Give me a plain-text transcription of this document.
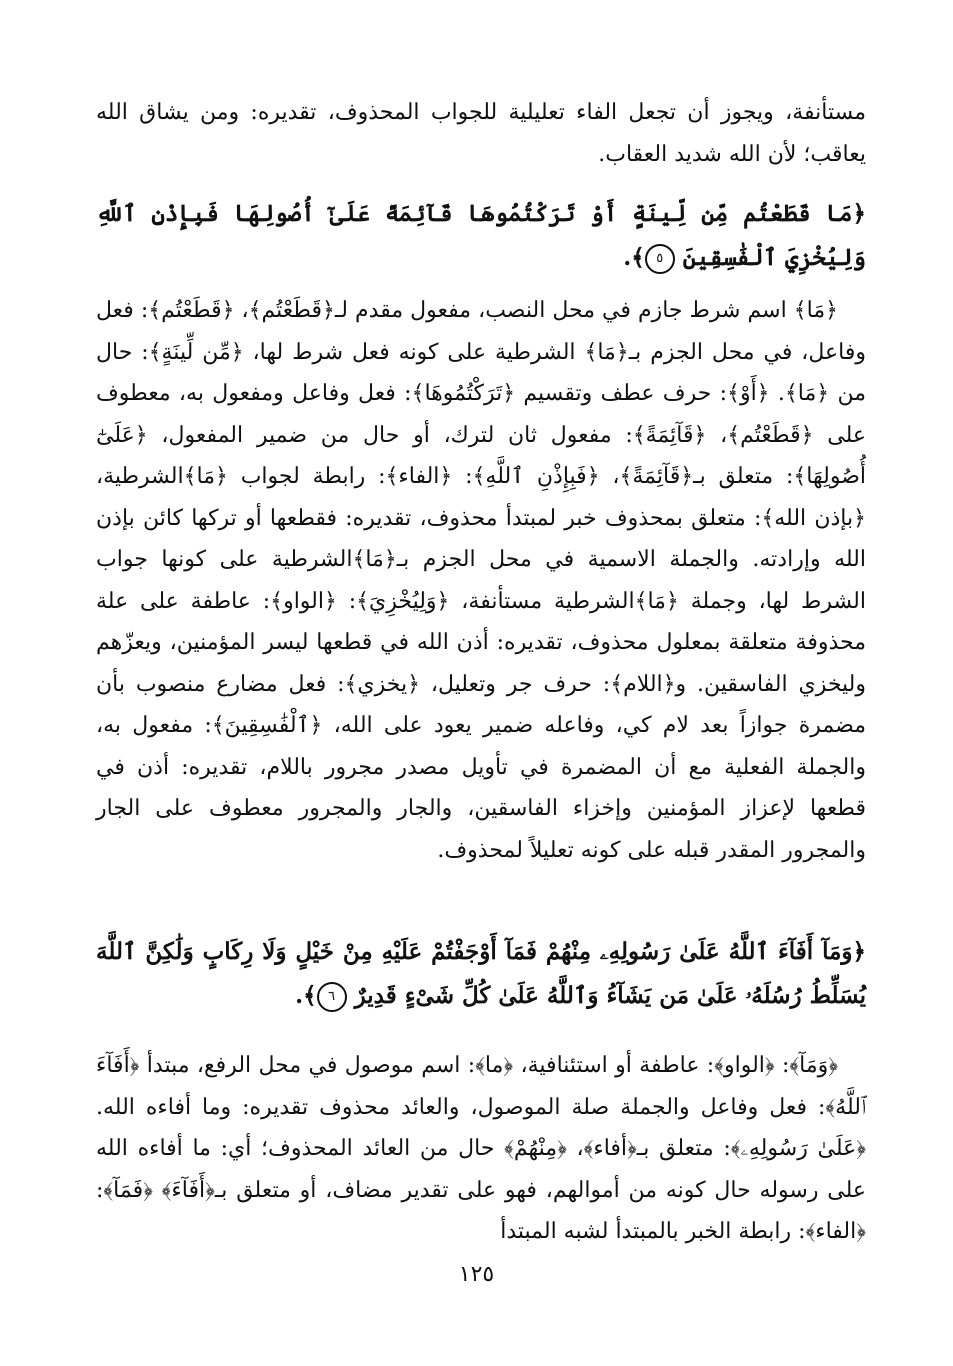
مستأنفة، ويجوز أن تجعل الفاء تعليلية للجواب المحذوف، تقديره: ومن يشاق الله يعاقب؛ لأن الله شديد العقاب.

﴿مَا قَطَعْتُم مِّن لِّينَةٍ أَوْ تَرَكْتُمُوهَا قَآئِمَةً عَلَىٰٓ أُصُولِهَا فَبِإِذْنِ ٱللَّهِ وَلِيُخْزِيَ ٱلْفَٰسِقِينَ ٥﴾.

﴿مَا﴾ اسم شرط جازم في محل النصب، مفعول مقدم لـ﴿قَطَعْتُم﴾، ﴿قَطَعْتُم﴾: فعل وفاعل، في محل الجزم بـ﴿مَا﴾ الشرطية على كونه فعل شرط لها، ﴿مِّن لِّينَةٍ﴾: حال من ﴿مَا﴾. ﴿أَوْ﴾: حرف عطف وتقسيم ﴿تَرَكْتُمُوهَا﴾: فعل وفاعل ومفعول به، معطوف على ﴿قَطَعْتُم﴾، ﴿قَآئِمَةً﴾: مفعول ثان لترك، أو حال من ضمير المفعول، ﴿عَلَىٰٓ أُصُولِهَا﴾: متعلق بـ﴿قَآئِمَةً﴾، ﴿فَبِإِذْنِ ٱللَّهِ﴾: ﴿الفاء﴾: رابطة لجواب ﴿مَا﴾الشرطية، ﴿بإذن الله﴾: متعلق بمحذوف خبر لمبتدأ محذوف، تقديره: فقطعها أو تركها كائن بإذن الله وإرادته. والجملة الاسمية في محل الجزم بـ﴿مَا﴾الشرطية على كونها جواب الشرط لها، وجملة ﴿مَا﴾الشرطية مستأنفة، ﴿وَلِيُخْزِيَ﴾: ﴿الواو﴾: عاطفة على علة محذوفة متعلقة بمعلول محذوف، تقديره: أذن الله في قطعها ليسر المؤمنين، ويعزّهم وليخزي الفاسقين. و﴿اللام﴾: حرف جر وتعليل، ﴿يخزي﴾: فعل مضارع منصوب بأن مضمرة جوازاً بعد لام كي، وفاعله ضمير يعود على الله، ﴿ٱلْفَٰسِقِينَ﴾: مفعول به، والجملة الفعلية مع أن المضمرة في تأويل مصدر مجرور باللام، تقديره: أذن في قطعها لإعزاز المؤمنين وإخزاء الفاسقين، والجار والمجرور معطوف على الجار والمجرور المقدر قبله على كونه تعليلاً لمحذوف.

﴿وَمَآ أَفَآءَ ٱللَّهُ عَلَىٰ رَسُولِهِۦ مِنْهُمْ فَمَآ أَوْجَفْتُمْ عَلَيْهِ مِنْ خَيْلٍ وَلَا رِكَابٍ وَلَٰكِنَّ ٱللَّهَ يُسَلِّطُ رُسُلَهُۥ عَلَىٰ مَن يَشَآءُ وَٱللَّهُ عَلَىٰ كُلِّ شَىْءٍ قَدِيرٌ ٦﴾.

﴿وَمَآ﴾: ﴿الواو﴾: عاطفة أو استئنافية، ﴿ما﴾: اسم موصول في محل الرفع، مبتدأ ﴿أَفَآءَ ٱللَّهُ﴾: فعل وفاعل والجملة صلة الموصول، والعائد محذوف تقديره: وما أفاءه الله. ﴿عَلَىٰ رَسُولِهِۦ﴾: متعلق بـ﴿أفاء﴾، ﴿مِنْهُمْ﴾ حال من العائد المحذوف؛ أي: ما أفاءه الله على رسوله حال كونه من أموالهم، فهو على تقدير مضاف، أو متعلق بـ﴿أَفَآءَ﴾ ﴿فَمَآ﴾: ﴿الفاء﴾: رابطة الخبر بالمبتدأ لشبه المبتدأ

١٢٥
